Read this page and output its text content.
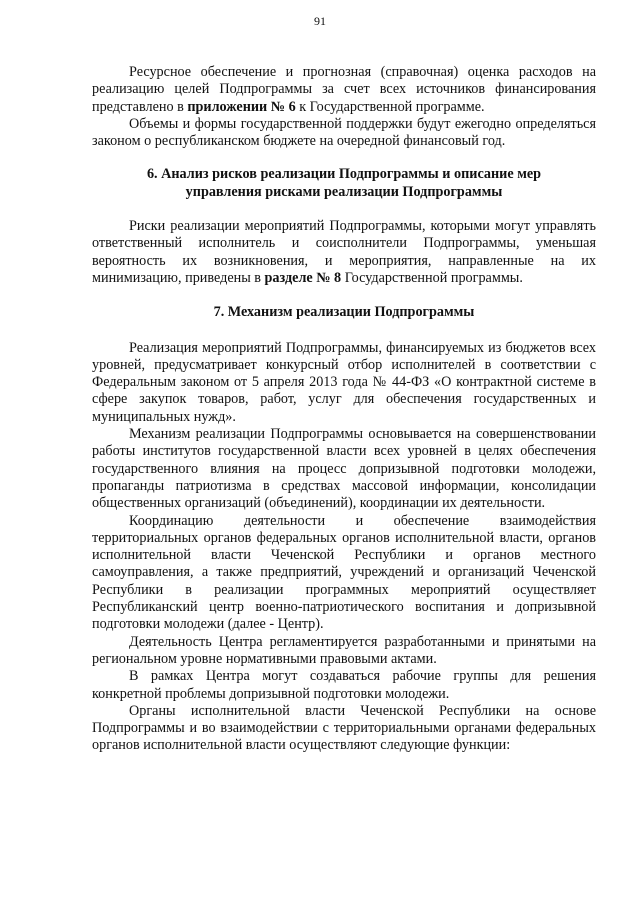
91

Ресурсное обеспечение и прогнозная (справочная) оценка расходов на реализацию целей Подпрограммы за счет всех источников финансирования представлено в приложении № 6 к Государственной программе.

Объемы и формы государственной поддержки будут ежегодно определяться законом о республиканском бюджете на очередной финансовый год.

6. Анализ рисков реализации Подпрограммы и описание мер управления рисками реализации Подпрограммы

Риски реализации мероприятий Подпрограммы, которыми могут управлять ответственный исполнитель и соисполнители Подпрограммы, уменьшая вероятность их возникновения, и мероприятия, направленные на их минимизацию, приведены в разделе № 8 Государственной программы.

7. Механизм реализации Подпрограммы

Реализация мероприятий Подпрограммы, финансируемых из бюджетов всех уровней, предусматривает конкурсный отбор исполнителей в соответствии с Федеральным законом от 5 апреля 2013 года № 44-ФЗ «О контрактной системе в сфере закупок товаров, работ, услуг для обеспечения государственных и муниципальных нужд».

Механизм реализации Подпрограммы основывается на совершенствовании работы институтов государственной власти всех уровней в целях обеспечения государственного влияния на процесс допризывной подготовки молодежи, пропаганды патриотизма в средствах массовой информации, консолидации общественных организаций (объединений), координации их деятельности.

Координацию деятельности и обеспечение взаимодействия территориальных органов федеральных органов исполнительной власти, органов исполнительной власти Чеченской Республики и органов местного самоуправления, а также предприятий, учреждений и организаций Чеченской Республики в реализации программных мероприятий осуществляет Республиканский центр военно-патриотического воспитания и допризывной подготовки молодежи (далее - Центр).

Деятельность Центра регламентируется разработанными и принятыми на региональном уровне нормативными правовыми актами.

В рамках Центра могут создаваться рабочие группы для решения конкретной проблемы допризывной подготовки молодежи.

Органы исполнительной власти Чеченской Республики на основе Подпрограммы и во взаимодействии с территориальными органами федеральных органов исполнительной власти осуществляют следующие функции:
